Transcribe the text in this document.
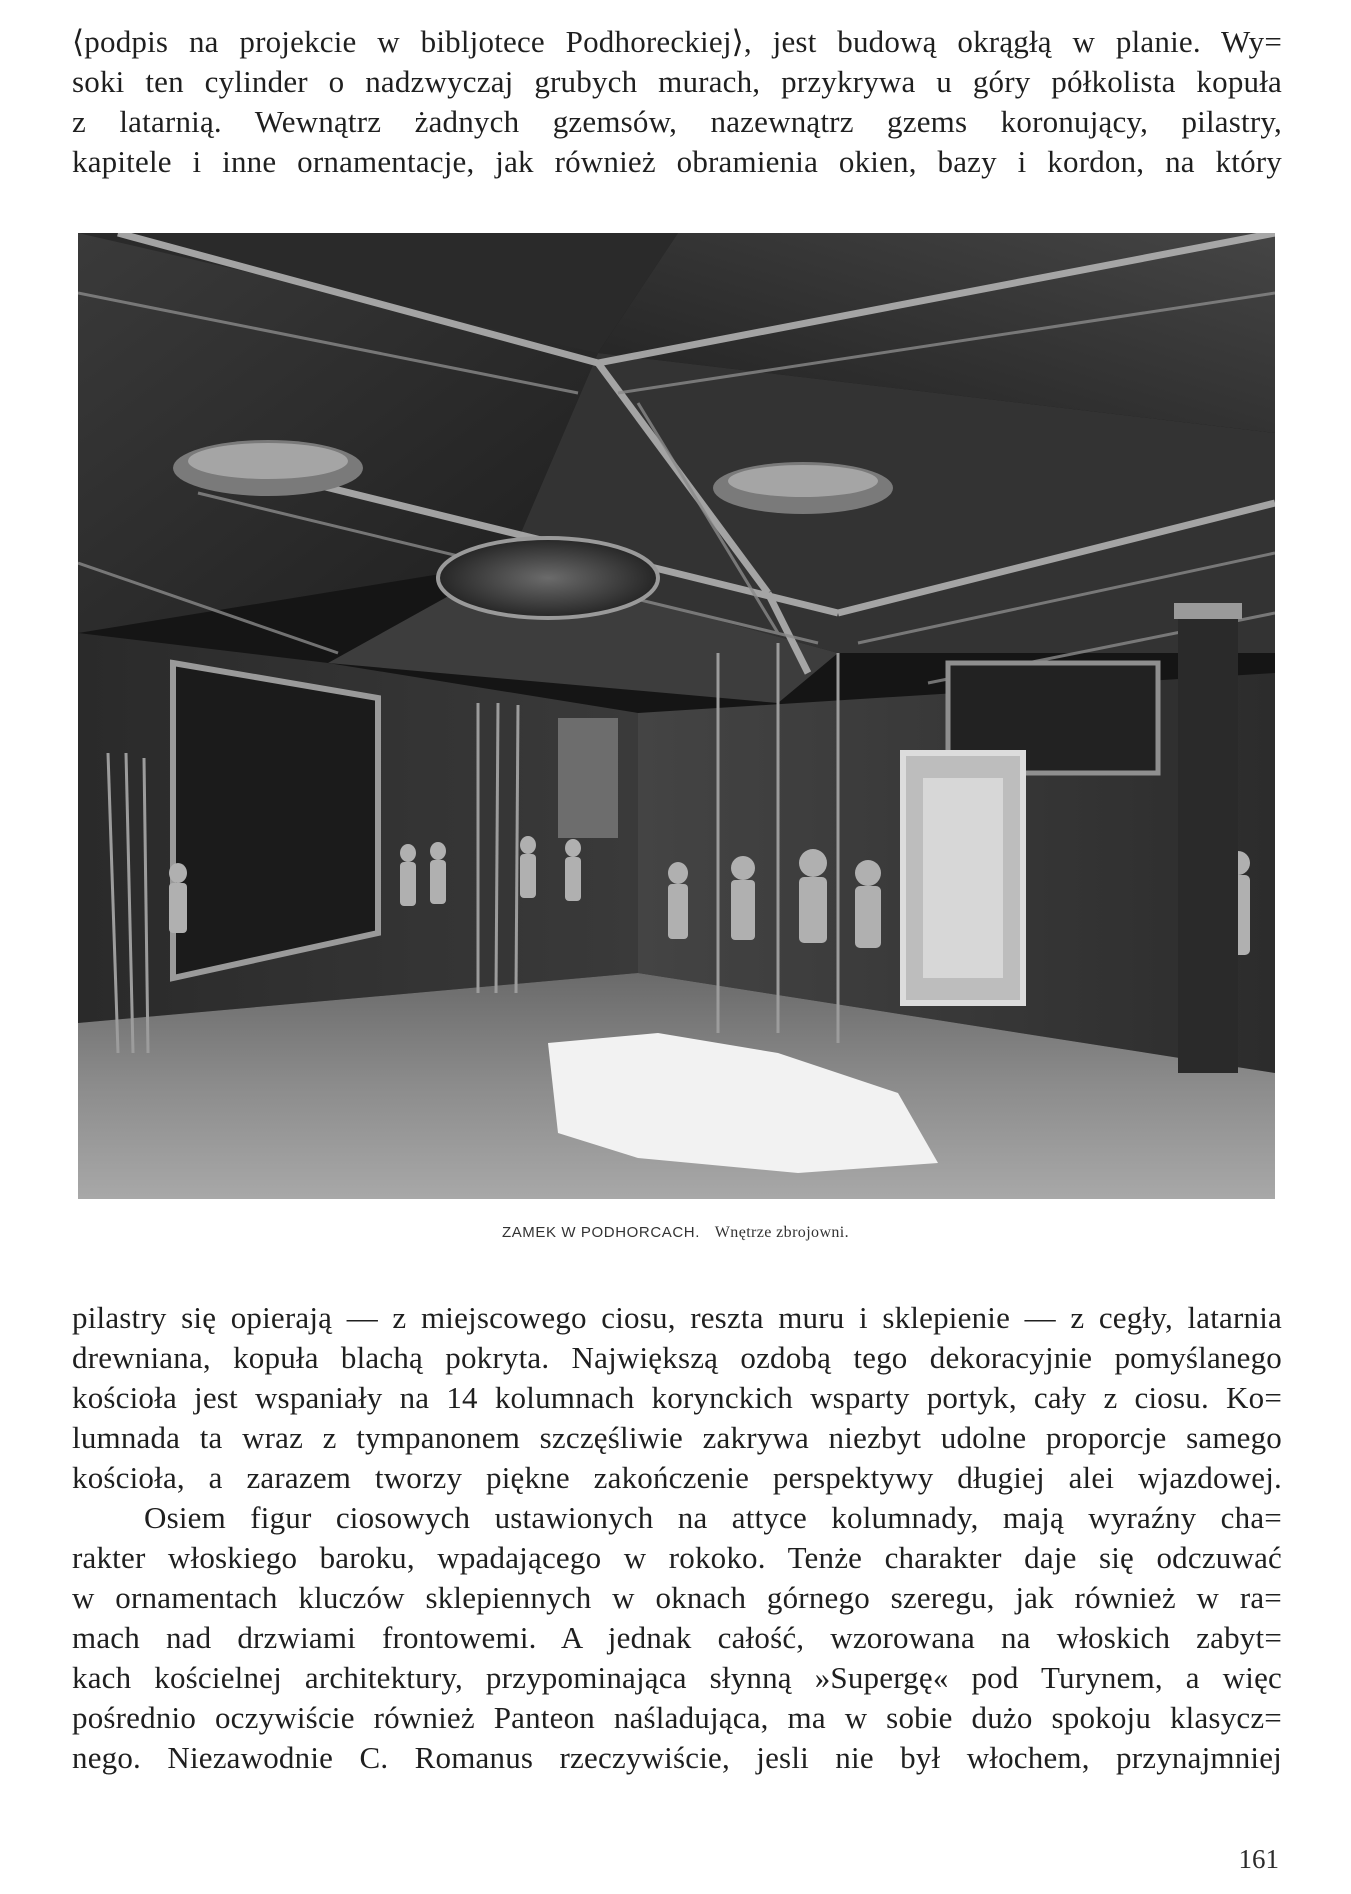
⟨podpis na projekcie w bibljotece Podhoreckiej⟩, jest budową okrągłą w planie. Wy=
soki ten cylinder o nadzwyczaj grubych murach, przykrywa u góry półkolista kopuła
z latarnią. Wewnątrz żadnych gzemsów, nazewnątrz gzems koronujący, pilastry,
kapitele i inne ornamentacje, jak również obramienia okien, bazy i kordon, na który
ZAMEK W PODHORCACH. Wnętrze zbrojowni.
pilastry się opierają — z miejscowego ciosu, reszta muru i sklepienie — z cegły, latarnia
drewniana, kopuła blachą pokryta. Największą ozdobą tego dekoracyjnie pomyślanego
kościoła jest wspaniały na 14 kolumnach korynckich wsparty portyk, cały z ciosu. Ko=
lumnada ta wraz z tympanonem szczęśliwie zakrywa niezbyt udolne proporcje samego
kościoła, a zarazem tworzy piękne zakończenie perspektywy długiej alei wjazdowej.
Osiem figur ciosowych ustawionych na attyce kolumnady, mają wyraźny cha=
rakter włoskiego baroku, wpadającego w rokoko. Tenże charakter daje się odczuwać
w ornamentach kluczów sklepiennych w oknach górnego szeregu, jak również w ra=
mach nad drzwiami frontowemi. A jednak całość, wzorowana na włoskich zabyt=
kach kościelnej architektury, przypominająca słynną »Supergę« pod Turynem, a więc
pośrednio oczywiście również Panteon naśladująca, ma w sobie dużo spokoju klasycz=
nego. Niezawodnie C. Romanus rzeczywiście, jesli nie był włochem, przynajmniej
161
